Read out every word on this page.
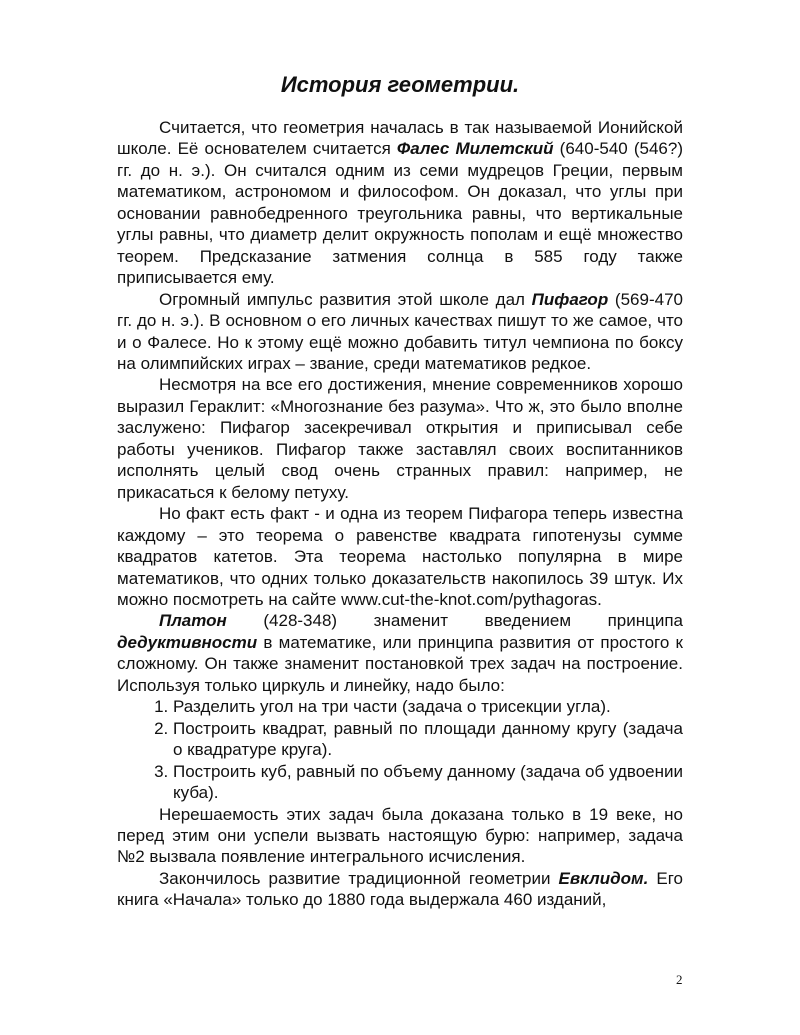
История геометрии.

Считается, что геометрия началась в так называемой Ионийской школе. Её основателем считается Фалес Милетский (640-540 (546?) гг. до н. э.). Он считался одним из семи мудрецов Греции, первым математиком, астрономом и философом. Он доказал, что углы при основании равнобедренного треугольника равны, что вертикальные углы равны, что диаметр делит окружность пополам и ещё множество теорем. Предсказание затмения солнца в 585 году также приписывается ему.

Огромный импульс развития этой школе дал Пифагор (569-470 гг. до н. э.). В основном о его личных качествах пишут то же самое, что и о Фалесе. Но к этому ещё можно добавить титул чемпиона по боксу на олимпийских играх – звание, среди математиков редкое.

Несмотря на все его достижения, мнение современников хорошо выразил Гераклит: «Многознание без разума». Что ж, это было вполне заслужено: Пифагор засекречивал открытия и приписывал себе работы учеников. Пифагор также заставлял своих воспитанников исполнять целый свод очень странных правил: например, не прикасаться к белому петуху.

Но факт есть факт - и одна из теорем Пифагора теперь известна каждому – это теорема о равенстве квадрата гипотенузы сумме квадратов катетов. Эта теорема настолько популярна в мире математиков, что одних только доказательств накопилось 39 штук. Их можно посмотреть на сайте www.cut-the-knot.com/pythagoras.

Платон (428-348) знаменит введением принципа дедуктивности в математике, или принципа развития от простого к сложному. Он также знаменит постановкой трех задач на построение. Используя только циркуль и линейку, надо было:

1. Разделить угол на три части (задача о трисекции угла).
2. Построить квадрат, равный по площади данному кругу (задача о квадратуре круга).
3. Построить куб, равный по объему данному (задача об удвоении куба).

Нерешаемость этих задач была доказана только в 19 веке, но перед этим они успели вызвать настоящую бурю: например, задача №2 вызвала появление интегрального исчисления.

Закончилось развитие традиционной геометрии Евклидом. Его книга «Начала» только до 1880 года выдержала 460 изданий,

2
